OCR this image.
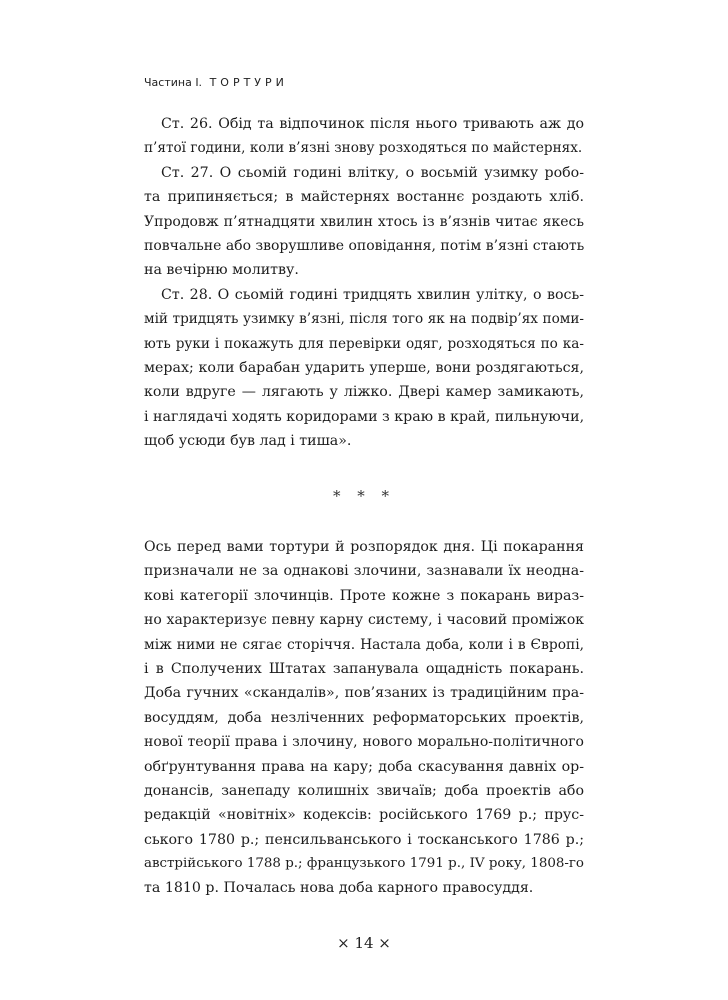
Частина I. ТОРТУРИ
Ст. 26. Обід та відпочинок після нього тривають аж до
п’ятої години, коли в’язні знову розходяться по майстернях.
Ст. 27. О сьомій годині влітку, о восьмій узимку робо-
та припиняється; в майстернях востаннє роздають хліб.
Упродовж п’ятнадцяти хвилин хтось із в’язнів читає якесь
повчальне або зворушливе оповідання, потім в’язні стають
на вечірню молитву.
Ст. 28. О сьомій годині тридцять хвилин улітку, о вось-
мій тридцять узимку в’язні, після того як на подвір’ях поми-
ють руки і покажуть для перевірки одяг, розходяться по ка-
мерах; коли барабан ударить уперше, вони роздягаються,
коли вдруге — лягають у ліжко. Двері камер замикають,
і наглядачі ходять коридорами з краю в край, пильнуючи,
щоб усюди був лад і тиша».
* * *
Ось перед вами тортури й розпорядок дня. Ці покарання
призначали не за однакові злочини, зазнавали їх неодна-
кові категорії злочинців. Проте кожне з покарань вираз-
но характеризує певну карну систему, і часовий проміжок
між ними не сягає сторіччя. Настала доба, коли і в Європі,
і в Сполучених Штатах запанувала ощадність покарань.
Доба гучних «скандалів», пов’язаних із традиційним пра-
восуддям, доба незліченних реформаторських проектів,
нової теорії права і злочину, нового морально-політичного
обґрунтування права на кару; доба скасування давніх ор-
донансів, занепаду колишніх звичаїв; доба проектів або
редакцій «новітніх» кодексів: російського 1769 р.; прус-
ського 1780 р.; пенсильванського і тосканського 1786 р.;
австрійського 1788 р.; французького 1791 р., IV року, 1808-го
та 1810 р. Почалась нова доба карного правосуддя.
× 14 ×
